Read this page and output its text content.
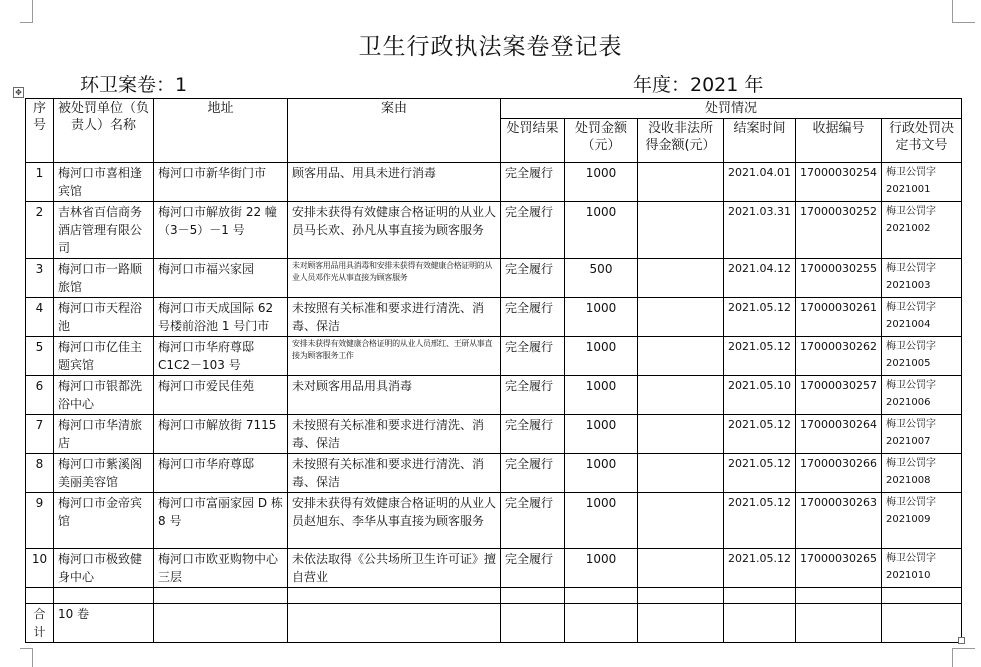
卫生行政执法案卷登记表
环卫案卷：1	年度：2021 年
✥
序号	被处罚单位（负责人）名称	地址	案由	处罚情况					
				处罚结果	处罚金额（元）	没收非法所得金额(元）	结案时间	收据编号	行政处罚决定书文号
1	梅河口市喜相逢宾馆	梅河口市新华街门市	顾客用品、用具未进行消毒	完全履行	1000		2021.04.01	17000030254	梅卫公罚字2021001
2	吉林省百信商务酒店管理有限公司	梅河口市解放街 22 幢（3－5）－1 号	安排未获得有效健康合格证明的从业人员马长欢、孙凡从事直接为顾客服务	完全履行	1000		2021.03.31	17000030252	梅卫公罚字2021002
3	梅河口市一路顺旅馆	梅河口市福兴家园	未对顾客用品用具消毒和安排未获得有效健康合格证明的从业人员邓作光从事直接为顾客服务	完全履行	500		2021.04.12	17000030255	梅卫公罚字2021003
4	梅河口市天程浴池	梅河口市天成国际 62 号楼前浴池 1 号门市	未按照有关标准和要求进行清洗、消毒、保洁	完全履行	1000		2021.05.12	17000030261	梅卫公罚字2021004
5	梅河口市亿佳主题宾馆	梅河口市华府尊邸 C1C2－103 号	安排未获得有效健康合格证明的从业人员邢红、王研从事直接为顾客服务工作	完全履行	1000		2021.05.12	17000030262	梅卫公罚字2021005
6	梅河口市银都洗浴中心	梅河口市爱民佳苑	未对顾客用品用具消毒	完全履行	1000		2021.05.10	17000030257	梅卫公罚字2021006
7	梅河口市华清旅店	梅河口市解放街 7115	未按照有关标准和要求进行清洗、消毒、保洁	完全履行	1000		2021.05.12	17000030264	梅卫公罚字2021007
8	梅河口市紫溪阁美丽美容馆	梅河口市华府尊邸	未按照有关标准和要求进行清洗、消毒、保洁	完全履行	1000		2021.05.12	17000030266	梅卫公罚字2021008
9	梅河口市金帝宾馆	梅河口市富丽家园 D 栋 8 号	安排未获得有效健康合格证明的从业人员赵旭东、李华从事直接为顾客服务	完全履行	1000		2021.05.12	17000030263	梅卫公罚字2021009
10	梅河口市极致健身中心	梅河口市欧亚购物中心三层	未依法取得《公共场所卫生许可证》擅自营业	完全履行	1000		2021.05.12	17000030265	梅卫公罚字2021010

合计	10 卷								
